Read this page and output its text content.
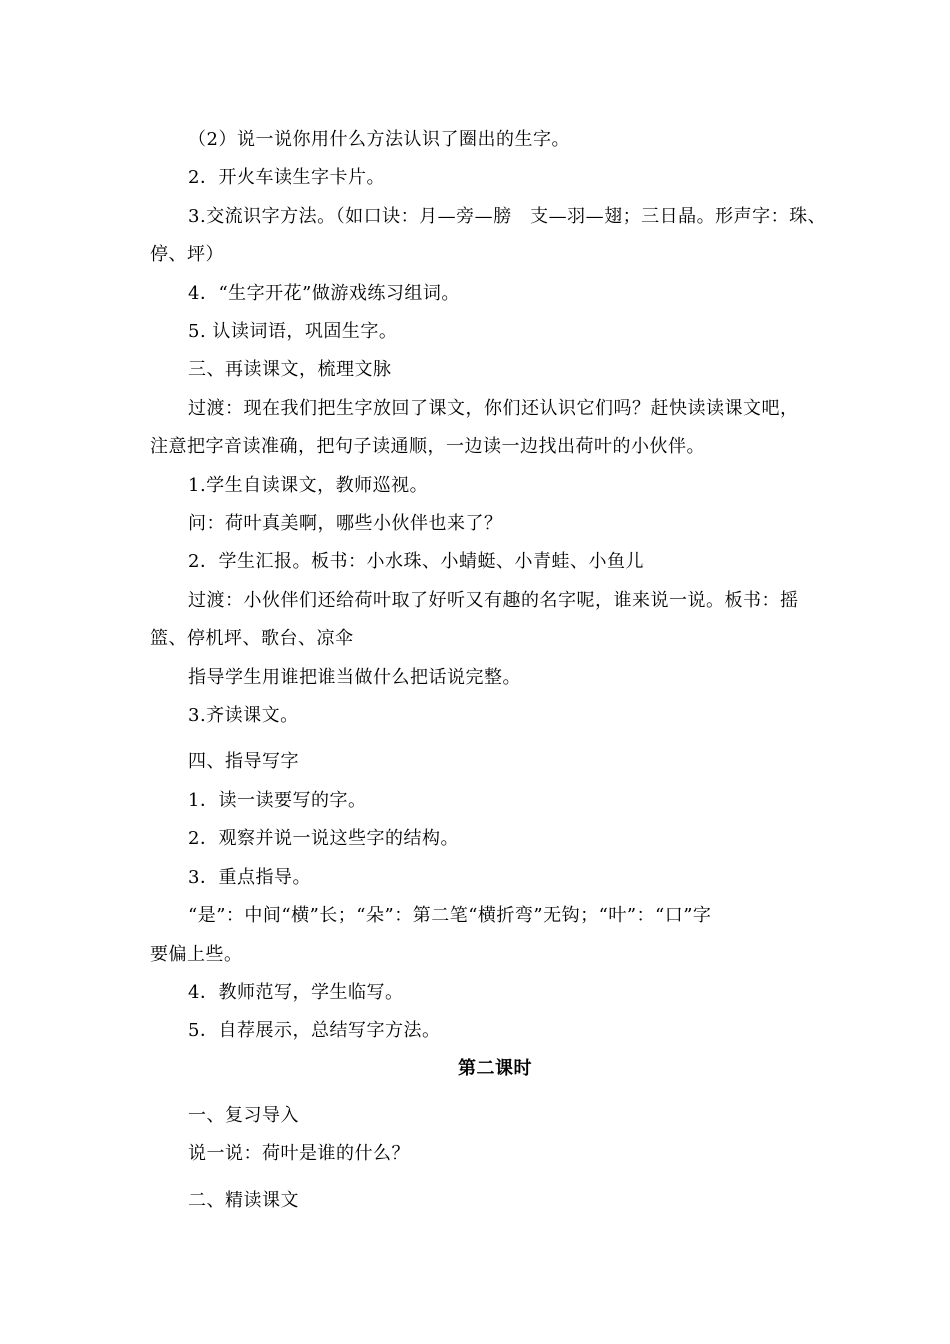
（2）说一说你用什么方法认识了圈出的生字。
2．开火车读生字卡片。
3.交流识字方法。（如口诀：月—旁—膀　支—羽—翅；三日晶。形声字：珠、
停、坪）
4．“生字开花”做游戏练习组词。
5. 认读词语，巩固生字。
三、再读课文，梳理文脉
过渡：现在我们把生字放回了课文，你们还认识它们吗？赶快读读课文吧，
注意把字音读准确，把句子读通顺，一边读一边找出荷叶的小伙伴。
1.学生自读课文，教师巡视。
问：荷叶真美啊，哪些小伙伴也来了？
2．学生汇报。板书：小水珠、小蜻蜓、小青蛙、小鱼儿
过渡：小伙伴们还给荷叶取了好听又有趣的名字呢，谁来说一说。板书：摇
篮、停机坪、歌台、凉伞
指导学生用谁把谁当做什么把话说完整。
3.齐读课文。
四、指导写字
1．读一读要写的字。
2．观察并说一说这些字的结构。
3．重点指导。
“是”：中间“横”长；“朵”：第二笔“横折弯”无钩；“叶”：“口”字
要偏上些。
4．教师范写，学生临写。
5．自荐展示，总结写字方法。
第二课时
一、复习导入
说一说：荷叶是谁的什么？
二、精读课文
